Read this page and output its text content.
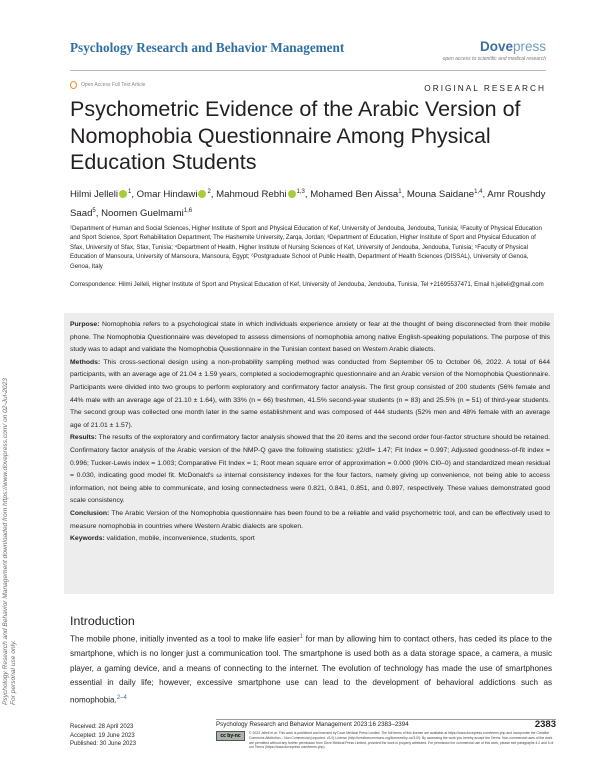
Psychology Research and Behavior Management	Dovepress
open access to scientific and medical research
Open Access Full Text Article	ORIGINAL RESEARCH
Psychometric Evidence of the Arabic Version of Nomophobia Questionnaire Among Physical Education Students
Hilmi Jelleli $^1$, Omar Hindawi $^2$, Mahmoud Rebhi $^{1,3}$, Mohamed Ben Aissa$^1$, Mouna Saidane$^{1,4}$, Amr Roushdy Saad$^5$, Noomen Guelmami$^{1,6}$
¹Department of Human and Social Sciences, Higher Institute of Sport and Physical Education of Kef, University of Jendouba, Jendouba, Tunisia; ²Faculty of Physical Education and Sport Science, Sport Rehabilitation Department, The Hashemite University, Zarqa, Jordan; ³Department of Education, Higher Institute of Sport and Physical Education of Sfax, University of Sfax, Sfax, Tunisia; ⁴Department of Health, Higher Institute of Nursing Sciences of Kef, University of Jendouba, Jendouba, Tunisia; ⁵Faculty of Physical Education of Mansoura, University of Mansoura, Mansoura, Egypt; ⁶Postgraduate School of Public Health, Department of Health Sciences (DISSAL), University of Genoa, Genoa, Italy
Correspondence: Hilmi Jelleli, Higher Institute of Sport and Physical Education of Kef, University of Jendouba, Jendouba, Tunisia, Tel +21695537471, Email h.jelleli@gmail.com

Purpose: Nomophobia refers to a psychological state in which individuals experience anxiety or fear at the thought of being disconnected from their mobile phone. The Nomophobia Questionnaire was developed to assess dimensions of nomophobia among native English-speaking populations. The purpose of this study was to adapt and validate the Nomophobia Questionnaire in the Tunisian context based on Western Arabic dialects.

Methods: This cross-sectional design using a non-probability sampling method was conducted from September 05 to October 06, 2022. A total of 644 participants, with an average age of 21.04 ± 1.59 years, completed a sociodemographic questionnaire and an Arabic version of the Nomophobia Questionnaire. Participants were divided into two groups to perform exploratory and confirmatory factor analysis. The first group consisted of 200 students (56% female and 44% male with an average age of 21.10 ± 1.64), with 33% (n = 66) freshmen, 41.5% second-year students (n = 83) and 25.5% (n = 51) of third-year students. The second group was collected one month later in the same establishment and was composed of 444 students (52% men and 48% female with an average age of 21.01 ± 1.57).

Results: The results of the exploratory and confirmatory factor analysis showed that the 20 items and the second order four-factor structure should be retained. Confirmatory factor analysis of the Arabic version of the NMP-Q gave the following statistics: χ2/df= 1.47; Fit Index = 0.997; Adjusted goodness-of-fit index = 0.996; Tucker-Lewis index = 1.003; Comparative Fit Index = 1; Root mean square error of approximation = 0.000 (90% CI0–0) and standardized mean residual = 0.030, indicating good model fit. McDonald's ω internal consistency indexes for the four factors, namely giving up convenience, not being able to access information, not being able to communicate, and losing connectedness were 0.821, 0.841, 0.851, and 0.897, respectively. These values demonstrated good scale consistency.

Conclusion: The Arabic Version of the Nomophobia questionnaire has been found to be a reliable and valid psychometric tool, and can be effectively used to measure nomophobia in countries where Western Arabic dialects are spoken.

Keywords: validation, mobile, inconvenience, students, sport

Introduction
The mobile phone, initially invented as a tool to make life easier$^1$ for man by allowing him to contact others, has ceded its place to the smartphone, which is no longer just a communication tool. The smartphone is used both as a data storage space, a camera, a music player, a gaming device, and a means of connecting to the internet. The evolution of technology has made the use of smartphones essential in daily life; however, excessive smartphone use can lead to the development of behavioral addictions such as nomophobia.$^{2-4}$
Received: 28 April 2023
Accepted: 19 June 2023
Published: 30 June 2023
Psychology Research and Behavior Management 2023:16 2383–2394	2383
cc by-nc	© 2023 Jelleli et al. This work is published and licensed by Dove Medical Press Limited. The full terms of this license are available at https://www.dovepress.com/terms.php and incorporate the Creative Commons Attribution – Non Commercial (unported, v3.0) License (http://creativecommons.org/licenses/by-nc/3.0/). By accessing the work you hereby accept the Terms. Non-commercial uses of the work are permitted without any further permission from Dove Medical Press Limited, provided the work is properly attributed. For permission for commercial use of this work, please see paragraphs 4.2 and 5 of our Terms (https://www.dovepress.com/terms.php).
Psychology Research and Behavior Management downloaded from https://www.dovepress.com/ on 02-Jul-2023 For personal use only.
